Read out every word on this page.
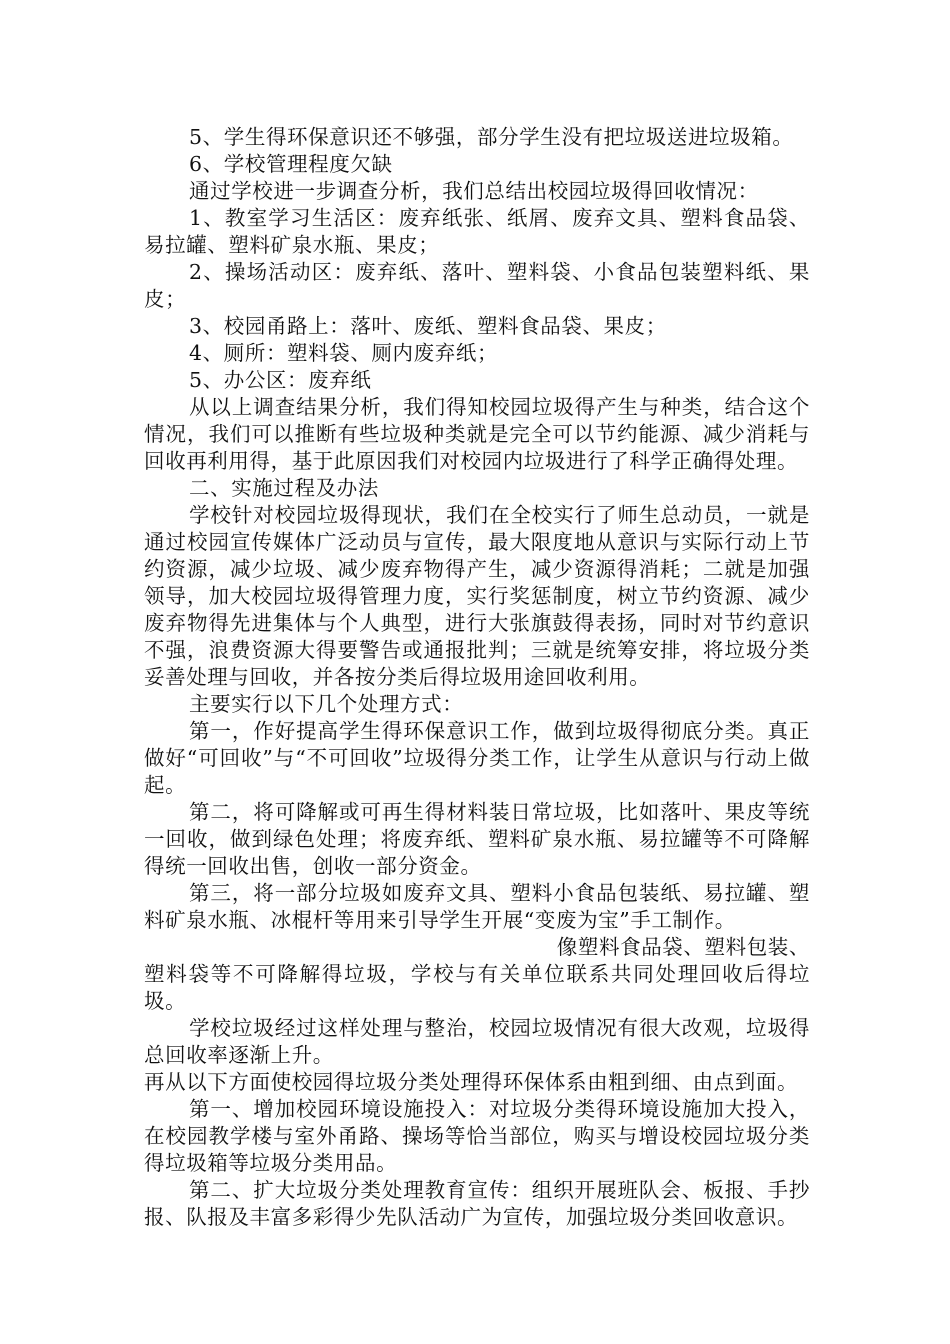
5、学生得环保意识还不够强，部分学生没有把垃圾送进垃圾箱。

6、学校管理程度欠缺

通过学校进一步调查分析，我们总结出校园垃圾得回收情况：

1、教室学习生活区：废弃纸张、纸屑、废弃文具、塑料食品袋、易拉罐、塑料矿泉水瓶、果皮；

2、操场活动区：废弃纸、落叶、塑料袋、小食品包装塑料纸、果皮；

3、校园甬路上：落叶、废纸、塑料食品袋、果皮；

4、厕所：塑料袋、厕内废弃纸；

5、办公区：废弃纸

从以上调查结果分析，我们得知校园垃圾得产生与种类，结合这个情况，我们可以推断有些垃圾种类就是完全可以节约能源、减少消耗与回收再利用得，基于此原因我们对校园内垃圾进行了科学正确得处理。

二、实施过程及办法

学校针对校园垃圾得现状，我们在全校实行了师生总动员，一就是通过校园宣传媒体广泛动员与宣传，最大限度地从意识与实际行动上节约资源，减少垃圾、减少废弃物得产生，减少资源得消耗；二就是加强领导，加大校园垃圾得管理力度，实行奖惩制度，树立节约资源、减少废弃物得先进集体与个人典型，进行大张旗鼓得表扬，同时对节约意识不强，浪费资源大得要警告或通报批判；三就是统筹安排，将垃圾分类妥善处理与回收，并各按分类后得垃圾用途回收利用。

主要实行以下几个处理方式：

第一，作好提高学生得环保意识工作，做到垃圾得彻底分类。真正做好“可回收”与“不可回收”垃圾得分类工作，让学生从意识与行动上做起。

第二，将可降解或可再生得材料装日常垃圾，比如落叶、果皮等统一回收，做到绿色处理；将废弃纸、塑料矿泉水瓶、易拉罐等不可降解得统一回收出售，创收一部分资金。

第三，将一部分垃圾如废弃文具、塑料小食品包装纸、易拉罐、塑料矿泉水瓶、冰棍杆等用来引导学生开展“变废为宝”手工制作。

像塑料食品袋、塑料包装、

塑料袋等不可降解得垃圾，学校与有关单位联系共同处理回收后得垃圾。

学校垃圾经过这样处理与整治，校园垃圾情况有很大改观，垃圾得总回收率逐渐上升。

再从以下方面使校园得垃圾分类处理得环保体系由粗到细、由点到面。

第一、增加校园环境设施投入：对垃圾分类得环境设施加大投入，在校园教学楼与室外甬路、操场等恰当部位，购买与增设校园垃圾分类得垃圾箱等垃圾分类用品。

第二、扩大垃圾分类处理教育宣传：组织开展班队会、板报、手抄报、队报及丰富多彩得少先队活动广为宣传，加强垃圾分类回收意识。
